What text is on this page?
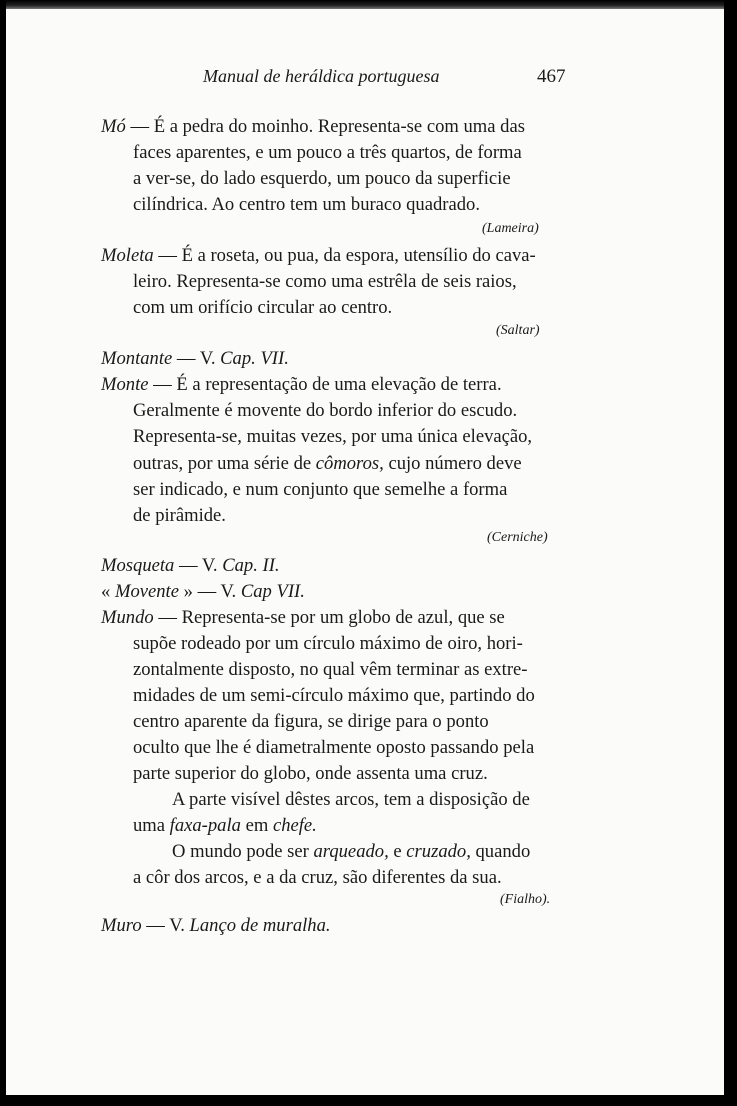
Manual de heráldica portuguesa	467
Mó — É a pedra do moinho. Representa-se com uma das
faces aparentes, e um pouco a três quartos, de forma
a ver-se, do lado esquerdo, um pouco da superficie
cilíndrica. Ao centro tem um buraco quadrado.
(Lameira)
Moleta — É a roseta, ou pua, da espora, utensílio do cava-
leiro. Representa-se como uma estrêla de seis raios,
com um orifício circular ao centro.
(Saltar)
Montante — V. Cap. VII.
Monte — É a representação de uma elevação de terra.
Geralmente é movente do bordo inferior do escudo.
Representa-se, muitas vezes, por uma única elevação,
outras, por uma série de cômoros, cujo número deve
ser indicado, e num conjunto que semelhe a forma
de pirâmide.
(Cerniche)
Mosqueta — V. Cap. II.
« Movente » — V. Cap VII.
Mundo — Representa-se por um globo de azul, que se
supõe rodeado por um círculo máximo de oiro, hori-
zontalmente disposto, no qual vêm terminar as extre-
midades de um semi-círculo máximo que, partindo do
centro aparente da figura, se dirige para o ponto
oculto que lhe é diametralmente oposto passando pela
parte superior do globo, onde assenta uma cruz.
A parte visível dêstes arcos, tem a disposição de
uma faxa-pala em chefe.
O mundo pode ser arqueado, e cruzado, quando
a côr dos arcos, e a da cruz, são diferentes da sua.
(Fialho).
Muro — V. Lanço de muralha.
